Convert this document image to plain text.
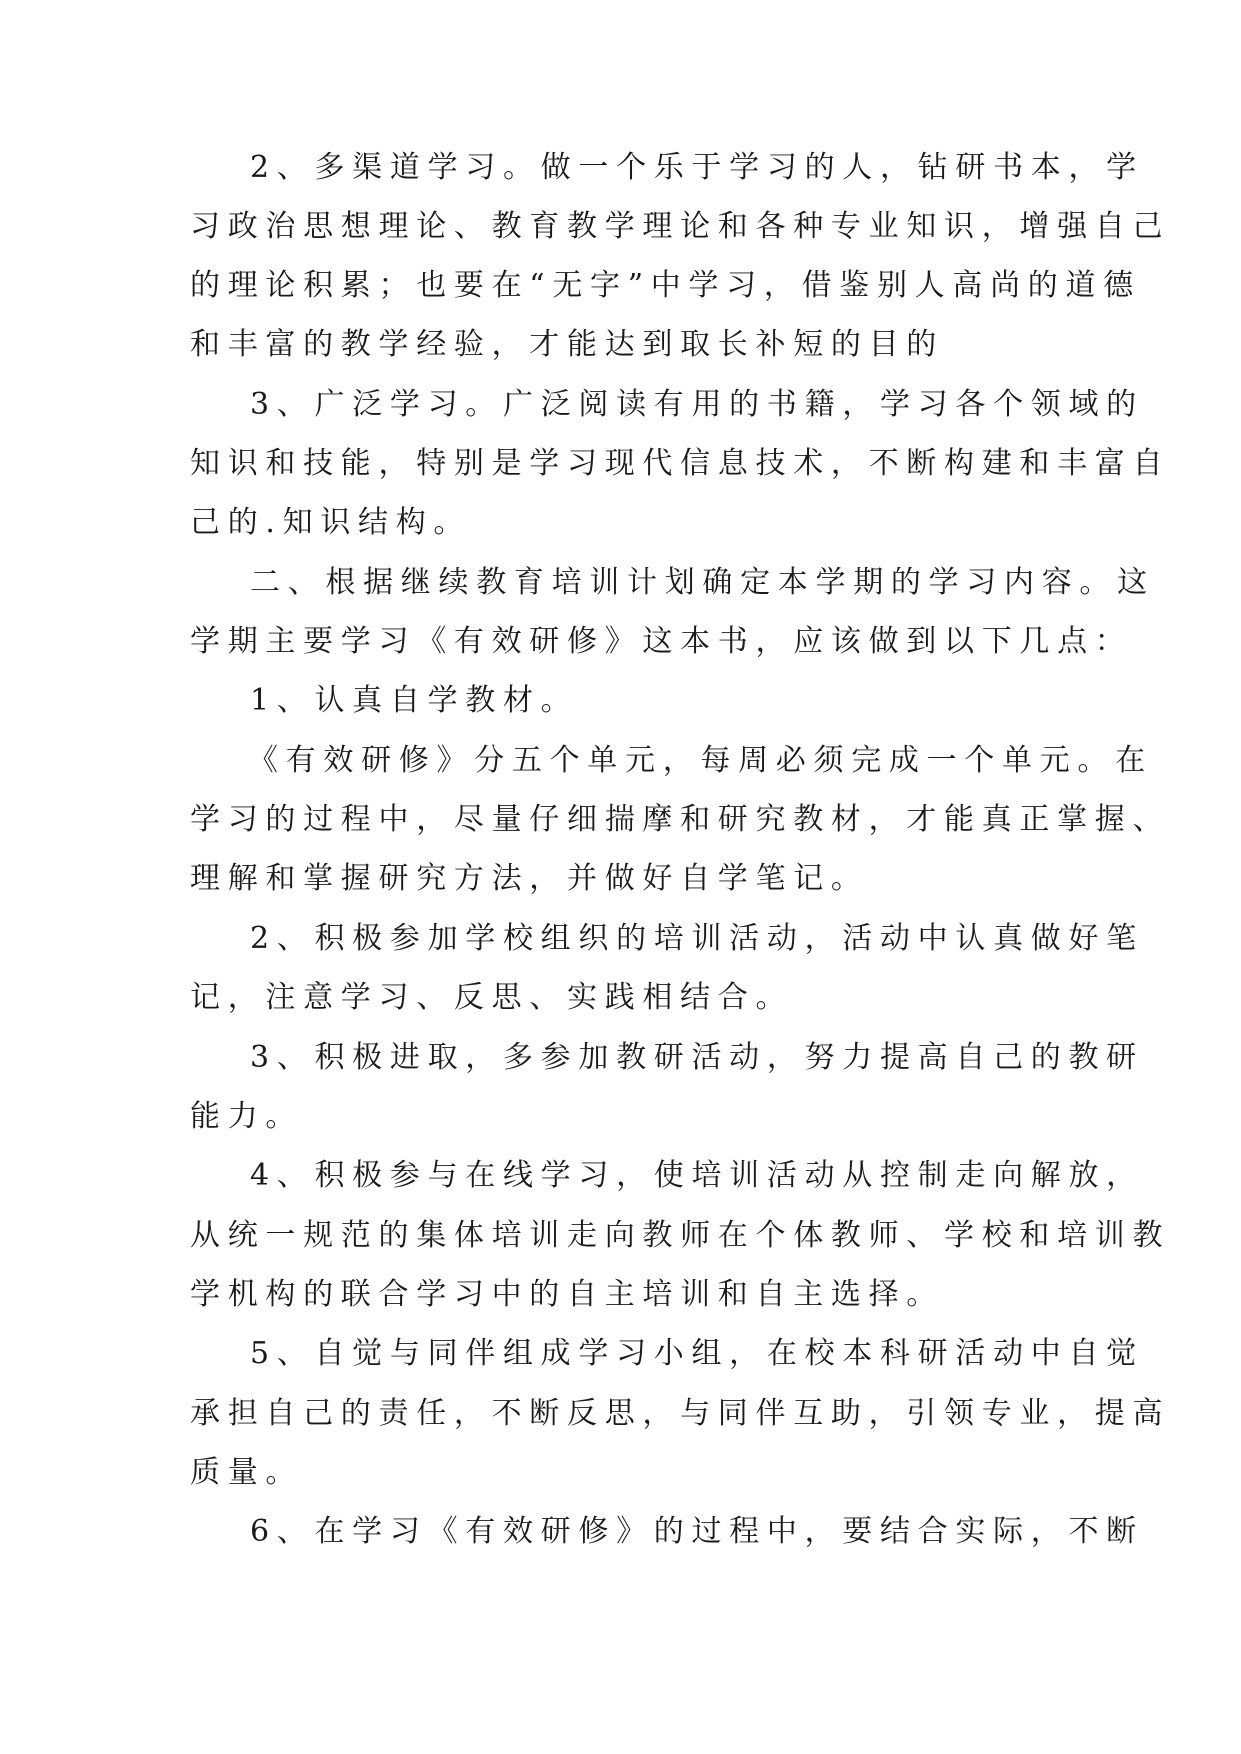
2、多渠道学习。做一个乐于学习的人，钻研书本，学
习政治思想理论、教育教学理论和各种专业知识，增强自己
的理论积累；也要在“无字”中学习，借鉴别人高尚的道德
和丰富的教学经验，才能达到取长补短的目的
3、广泛学习。广泛阅读有用的书籍，学习各个领域的
知识和技能，特别是学习现代信息技术，不断构建和丰富自
己的.知识结构。
二、根据继续教育培训计划确定本学期的学习内容。这
学期主要学习《有效研修》这本书，应该做到以下几点：
1、认真自学教材。
《有效研修》分五个单元，每周必须完成一个单元。在
学习的过程中，尽量仔细揣摩和研究教材，才能真正掌握、
理解和掌握研究方法，并做好自学笔记。
2、积极参加学校组织的培训活动，活动中认真做好笔
记，注意学习、反思、实践相结合。
3、积极进取，多参加教研活动，努力提高自己的教研
能力。
4、积极参与在线学习，使培训活动从控制走向解放，
从统一规范的集体培训走向教师在个体教师、学校和培训教
学机构的联合学习中的自主培训和自主选择。
5、自觉与同伴组成学习小组，在校本科研活动中自觉
承担自己的责任，不断反思，与同伴互助，引领专业，提高
质量。
6、在学习《有效研修》的过程中，要结合实际，不断
